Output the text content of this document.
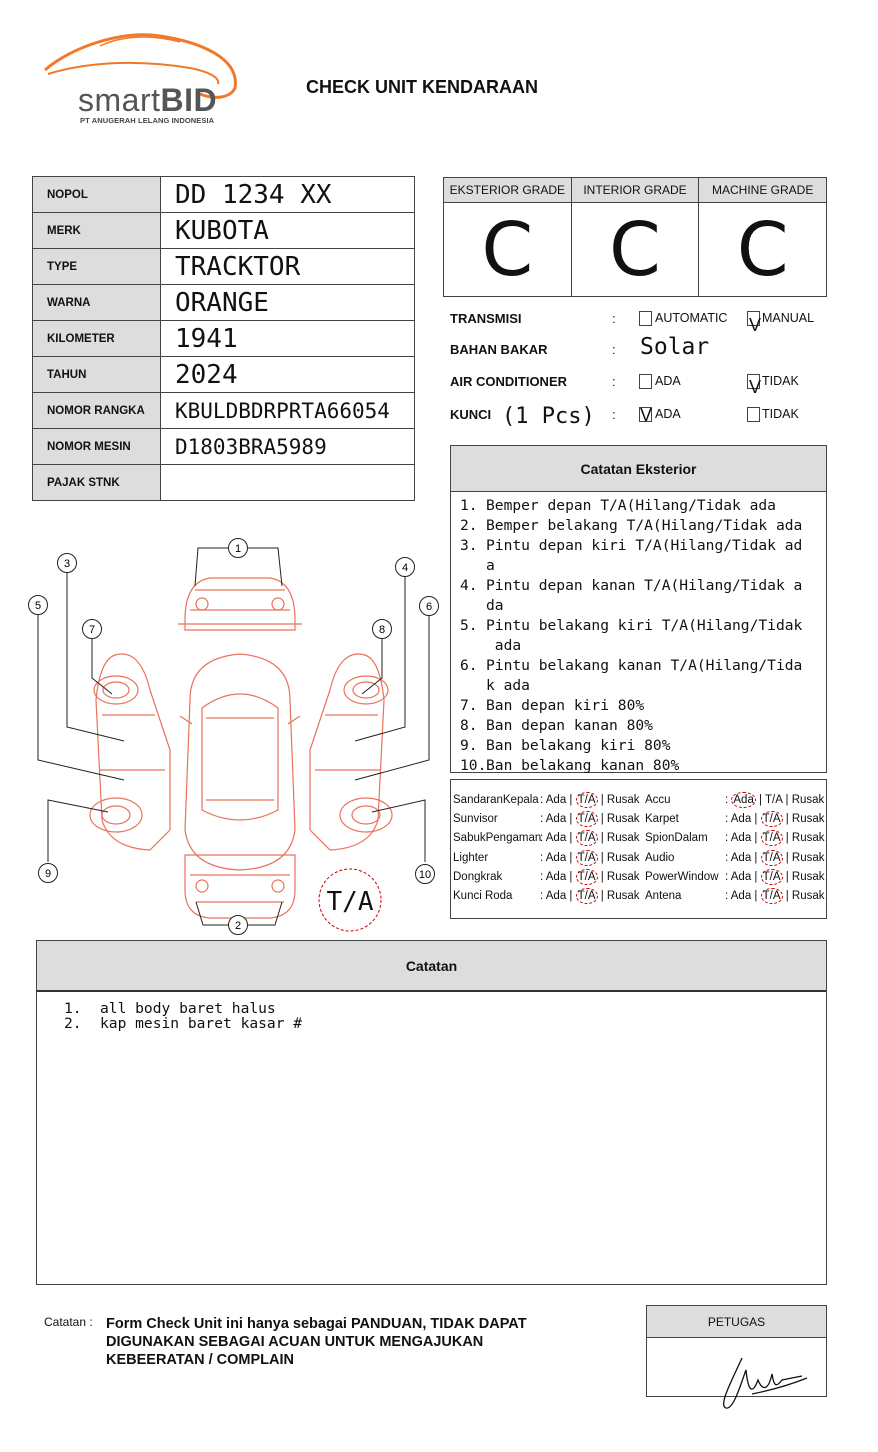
smartBID
PT ANUGERAH LELANG INDONESIA
CHECK UNIT KENDARAAN
NOPOL	DD 1234 XX
MERK	KUBOTA
TYPE	TRACKTOR
WARNA	ORANGE
KILOMETER	1941
TAHUN	2024
NOMOR RANGKA	KBULDBDRPRTA66054
NOMOR MESIN	D1803BRA5989
PAJAK STNK	
EKSTERIOR GRADE
C
INTERIOR GRADE
C
MACHINE GRADE
C
TRANSMISI	:	AUTOMATIC V MANUAL
BAHAN BAKAR	: Solar
AIR CONDITIONER	:	ADA	V TIDAK
KUNCI (1 Pcs) : V ADA	TIDAK
Catatan Eksterior
1. Bemper depan T/A(Hilang/Tidak ada
2. Bemper belakang T/A(Hilang/Tidak ada
3. Pintu depan kiri T/A(Hilang/Tidak ad
a
4. Pintu depan kanan T/A(Hilang/Tidak a
da
5. Pintu belakang kiri T/A(Hilang/Tidak
ada
6. Pintu belakang kanan T/A(Hilang/Tida
k ada
7. Ban depan kiri 80%
8. Ban depan kanan 80%
9. Ban belakang kiri 80%
10. Ban belakang kanan 80%
SandaranKepala: Ada | T/A | Rusak Accu	: Ada | T/A | Rusak
Sunvisor	: Ada | T/A | Rusak Karpet	: Ada | T/A | Rusak
SabukPengaman: Ada | T/A | Rusak SpionDalam : Ada | T/A | Rusak
Lighter	: Ada | T/A | Rusak Audio	: Ada | T/A | Rusak
Dongkrak	: Ada | T/A | Rusak PowerWindow : Ada | T/A | Rusak
Kunci Roda : Ada | T/A | Rusak Antena	: Ada | T/A | Rusak
1
2
3	4
5	6
7	8
9	10
T/A
Catatan
1.	all body baret halus
2.	kap mesin baret kasar #
Catatan : Form Check Unit ini hanya sebagai PANDUAN, TIDAK DAPAT DIGUNAKAN SEBAGAI ACUAN UNTUK MENGAJUKAN KEBEERATAN / COMPLAIN
PETUGAS
